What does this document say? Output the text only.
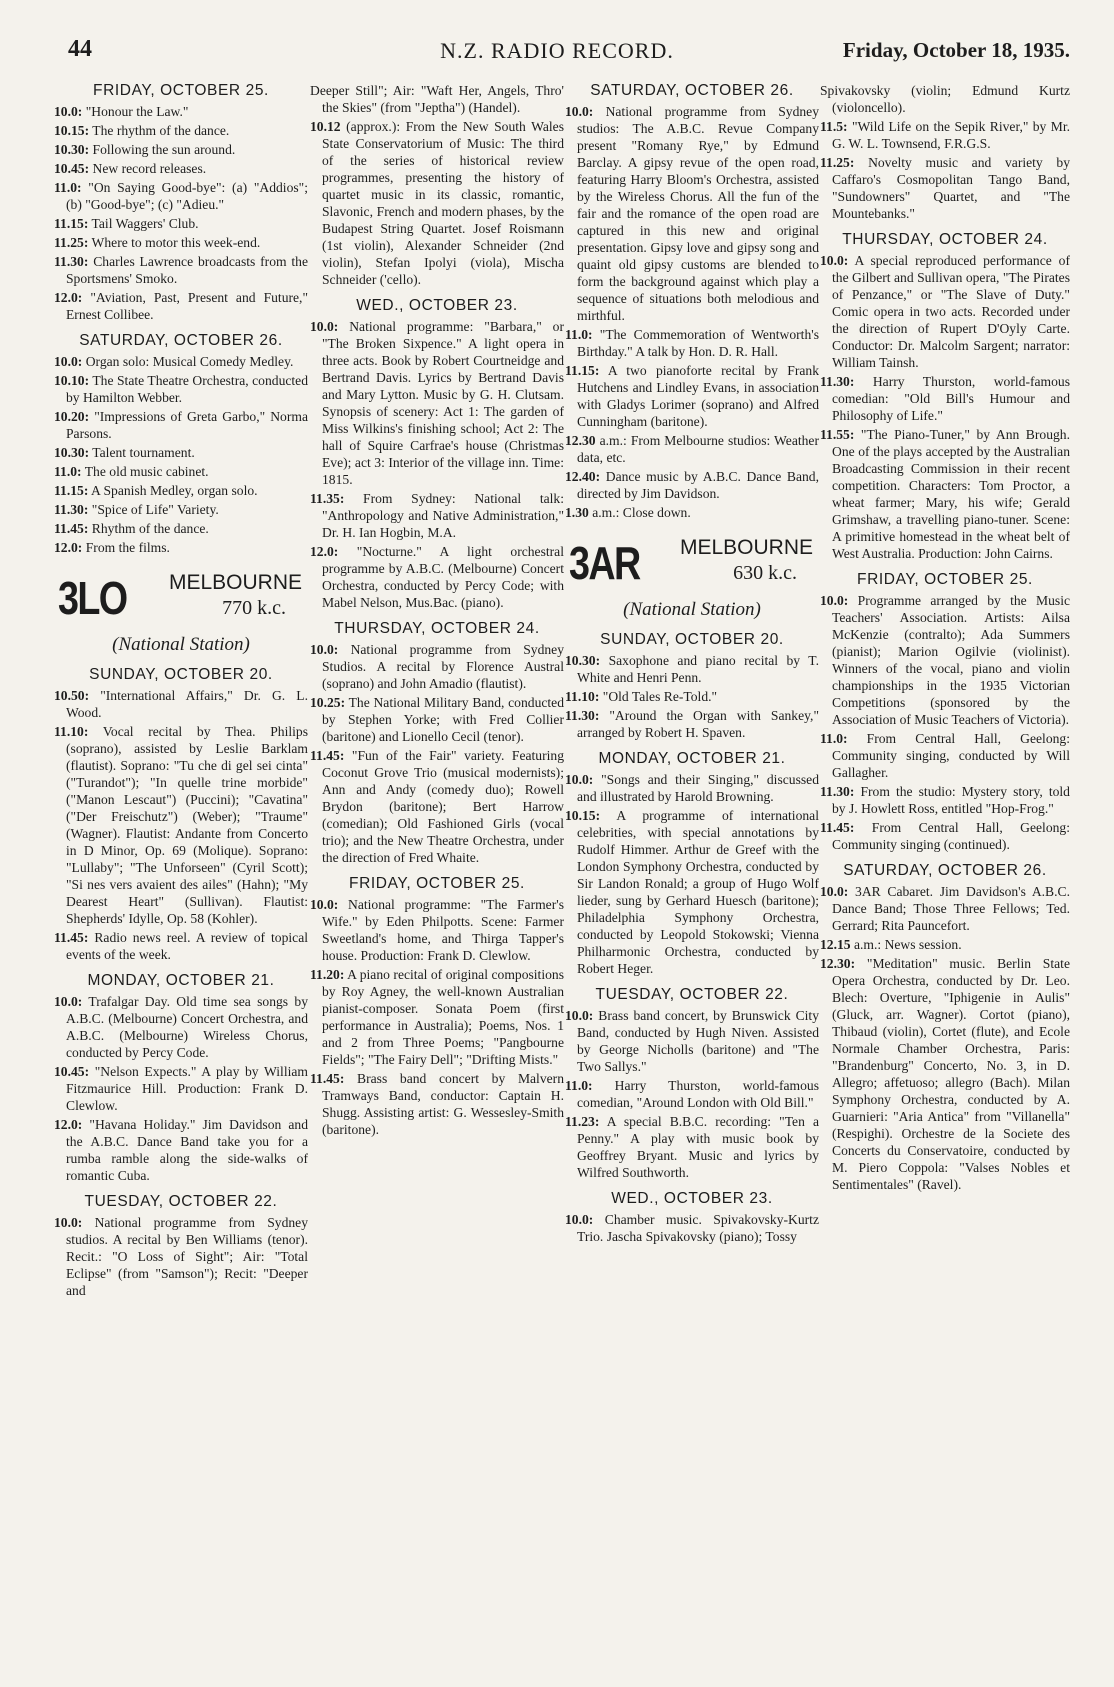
44	N.Z. RADIO RECORD.	Friday, October 18, 1935.
FRIDAY, OCTOBER 25.
10.0: "Honour the Law."
10.15: The rhythm of the dance.
10.30: Following the sun around.
10.45: New record releases.
11.0: "On Saying Good-bye": (a) "Addios"; (b) "Good-bye"; (c) "Adieu."
11.15: Tail Waggers' Club.
11.25: Where to motor this week-end.
11.30: Charles Lawrence broadcasts from the Sportsmens' Smoko.
12.0: "Aviation, Past, Present and Future," Ernest Collibee.
SATURDAY, OCTOBER 26.
10.0: Organ solo: Musical Comedy Medley.
10.10: The State Theatre Orchestra, conducted by Hamilton Webber.
10.20: "Impressions of Greta Garbo," Norma Parsons.
10.30: Talent tournament.
11.0: The old music cabinet.
11.15: A Spanish Medley, organ solo.
11.30: "Spice of Life" Variety.
11.45: Rhythm of the dance.
12.0: From the films.
3LO MELBOURNE
770 k.c.
(National Station)
SUNDAY, OCTOBER 20.
10.50: "International Affairs," Dr. G. L. Wood.
11.10: Vocal recital by Thea. Philips (soprano), assisted by Leslie Barklam (flautist). Soprano: "Tu che di gel sei cinta" ("Turandot"); "In quelle trine morbide" ("Manon Lescaut") (Puccini); "Cavatina" ("Der Freischutz") (Weber); "Traume" (Wagner). Flautist: Andante from Concerto in D Minor, Op. 69 (Molique). Soprano: "Lullaby"; "The Unforseen" (Cyril Scott); "Si nes vers avaient des ailes" (Hahn); "My Dearest Heart" (Sullivan). Flautist: Shepherds' Idylle, Op. 58 (Kohler).
11.45: Radio news reel. A review of topical events of the week.
MONDAY, OCTOBER 21.
10.0: Trafalgar Day. Old time sea songs by A.B.C. (Melbourne) Concert Orchestra, and A.B.C. (Melbourne) Wireless Chorus, conducted by Percy Code.
10.45: "Nelson Expects." A play by William Fitzmaurice Hill. Production: Frank D. Clewlow.
12.0: "Havana Holiday." Jim Davidson and the A.B.C. Dance Band take you for a rumba ramble along the side-walks of romantic Cuba.
TUESDAY, OCTOBER 22.
10.0: National programme from Sydney studios. A recital by Ben Williams (tenor). Recit.: "O Loss of Sight"; Air: "Total Eclipse" (from "Samson"); Recit: "Deeper and
Deeper Still"; Air: "Waft Her, Angels, Thro' the Skies" (from "Jeptha") (Handel).
10.12 (approx.): From the New South Wales State Conservatorium of Music: The third of the series of historical review programmes, presenting the history of quartet music in its classic, romantic, Slavonic, French and modern phases, by the Budapest String Quartet. Josef Roismann (1st violin), Alexander Schneider (2nd violin), Stefan Ipolyi (viola), Mischa Schneider ('cello).
WED., OCTOBER 23.
10.0: National programme: "Barbara," or "The Broken Sixpence." A light opera in three acts. Book by Robert Courtneidge and Bertrand Davis. Lyrics by Bertrand Davis and Mary Lytton. Music by G. H. Clutsam. Synopsis of scenery: Act 1: The garden of Miss Wilkins's finishing school; Act 2: The hall of Squire Carfrae's house (Christmas Eve); act 3: Interior of the village inn. Time: 1815.
11.35: From Sydney: National talk: "Anthropology and Native Administration," Dr. H. Ian Hogbin, M.A.
12.0: "Nocturne." A light orchestral programme by A.B.C. (Melbourne) Concert Orchestra, conducted by Percy Code; with Mabel Nelson, Mus.Bac. (piano).
THURSDAY, OCTOBER 24.
10.0: National programme from Sydney Studios. A recital by Florence Austral (soprano) and John Amadio (flautist).
10.25: The National Military Band, conducted by Stephen Yorke; with Fred Collier (baritone) and Lionello Cecil (tenor).
11.45: "Fun of the Fair" variety. Featuring Coconut Grove Trio (musical modernists); Ann and Andy (comedy duo); Rowell Brydon (baritone); Bert Harrow (comedian); Old Fashioned Girls (vocal trio); and the New Theatre Orchestra, under the direction of Fred Whaite.
FRIDAY, OCTOBER 25.
10.0: National programme: "The Farmer's Wife." by Eden Philpotts. Scene: Farmer Sweetland's home, and Thirga Tapper's house. Production: Frank D. Clewlow.
11.20: A piano recital of original compositions by Roy Agney, the well-known Australian pianist-composer. Sonata Poem (first performance in Australia); Poems, Nos. 1 and 2 from Three Poems; "Pangbourne Fields"; "The Fairy Dell"; "Drifting Mists."
11.45: Brass band concert by Malvern Tramways Band, conductor: Captain H. Shugg. Assisting artist: G. Wessesley-Smith (baritone).
SATURDAY, OCTOBER 26.
10.0: National programme from Sydney studios: The A.B.C. Revue Company present "Romany Rye," by Edmund Barclay. A gipsy revue of the open road, featuring Harry Bloom's Orchestra, assisted by the Wireless Chorus. All the fun of the fair and the romance of the open road are captured in this new and original presentation. Gipsy love and gipsy song and quaint old gipsy customs are blended to form the background against which play a sequence of situations both melodious and mirthful.
11.0: "The Commemoration of Wentworth's Birthday." A talk by Hon. D. R. Hall.
11.15: A two pianoforte recital by Frank Hutchens and Lindley Evans, in association with Gladys Lorimer (soprano) and Alfred Cunningham (baritone).
12.30 a.m.: From Melbourne studios: Weather data, etc.
12.40: Dance music by A.B.C. Dance Band, directed by Jim Davidson.
1.30 a.m.: Close down.
3AR MELBOURNE
630 k.c.
(National Station)
SUNDAY, OCTOBER 20.
10.30: Saxophone and piano recital by T. White and Henri Penn.
11.10: "Old Tales Re-Told."
11.30: "Around the Organ with Sankey," arranged by Robert H. Spaven.
MONDAY, OCTOBER 21.
10.0: "Songs and their Singing," discussed and illustrated by Harold Browning.
10.15: A programme of international celebrities, with special annotations by Rudolf Himmer. Arthur de Greef with the London Symphony Orchestra, conducted by Sir Landon Ronald; a group of Hugo Wolf lieder, sung by Gerhard Huesch (baritone); Philadelphia Symphony Orchestra, conducted by Leopold Stokowski; Vienna Philharmonic Orchestra, conducted by Robert Heger.
TUESDAY, OCTOBER 22.
10.0: Brass band concert, by Brunswick City Band, conducted by Hugh Niven. Assisted by George Nicholls (baritone) and "The Two Sallys."
11.0: Harry Thurston, world-famous comedian, "Around London with Old Bill."
11.23: A special B.B.C. recording: "Ten a Penny." A play with music book by Geoffrey Bryant. Music and lyrics by Wilfred Southworth.
WED., OCTOBER 23.
10.0: Chamber music. Spivakovsky-Kurtz Trio. Jascha Spivakovsky (piano); Tossy
Spivakovsky (violin; Edmund Kurtz (violoncello).
11.5: "Wild Life on the Sepik River," by Mr. G. W. L. Townsend, F.R.G.S.
11.25: Novelty music and variety by Caffaro's Cosmopolitan Tango Band, "Sundowners" Quartet, and "The Mountebanks."
THURSDAY, OCTOBER 24.
10.0: A special reproduced performance of the Gilbert and Sullivan opera, "The Pirates of Penzance," or "The Slave of Duty." Comic opera in two acts. Recorded under the direction of Rupert D'Oyly Carte. Conductor: Dr. Malcolm Sargent; narrator: William Tainsh.
11.30: Harry Thurston, world-famous comedian: "Old Bill's Humour and Philosophy of Life."
11.55: "The Piano-Tuner," by Ann Brough. One of the plays accepted by the Australian Broadcasting Commission in their recent competition. Characters: Tom Proctor, a wheat farmer; Mary, his wife; Gerald Grimshaw, a travelling piano-tuner. Scene: A primitive homestead in the wheat belt of West Australia. Production: John Cairns.
FRIDAY, OCTOBER 25.
10.0: Programme arranged by the Music Teachers' Association. Artists: Ailsa McKenzie (contralto); Ada Summers (pianist); Marion Ogilvie (violinist). Winners of the vocal, piano and violin championships in the 1935 Victorian Competitions (sponsored by the Association of Music Teachers of Victoria).
11.0: From Central Hall, Geelong: Community singing, conducted by Will Gallagher.
11.30: From the studio: Mystery story, told by J. Howlett Ross, entitled "Hop-Frog."
11.45: From Central Hall, Geelong: Community singing (continued).
SATURDAY, OCTOBER 26.
10.0: 3AR Cabaret. Jim Davidson's A.B.C. Dance Band; Those Three Fellows; Ted. Gerrard; Rita Pauncefort.
12.15 a.m.: News session.
12.30: "Meditation" music. Berlin State Opera Orchestra, conducted by Dr. Leo. Blech: Overture, "Iphigenie in Aulis" (Gluck, arr. Wagner). Cortot (piano), Thibaud (violin), Cortet (flute), and Ecole Normale Chamber Orchestra, Paris: "Brandenburg" Concerto, No. 3, in D. Allegro; affetuoso; allegro (Bach). Milan Symphony Orchestra, conducted by A. Guarnieri: "Aria Antica" from "Villanella" (Respighi). Orchestre de la Societe des Concerts du Conservatoire, conducted by M. Piero Coppola: "Valses Nobles et Sentimentales" (Ravel).
